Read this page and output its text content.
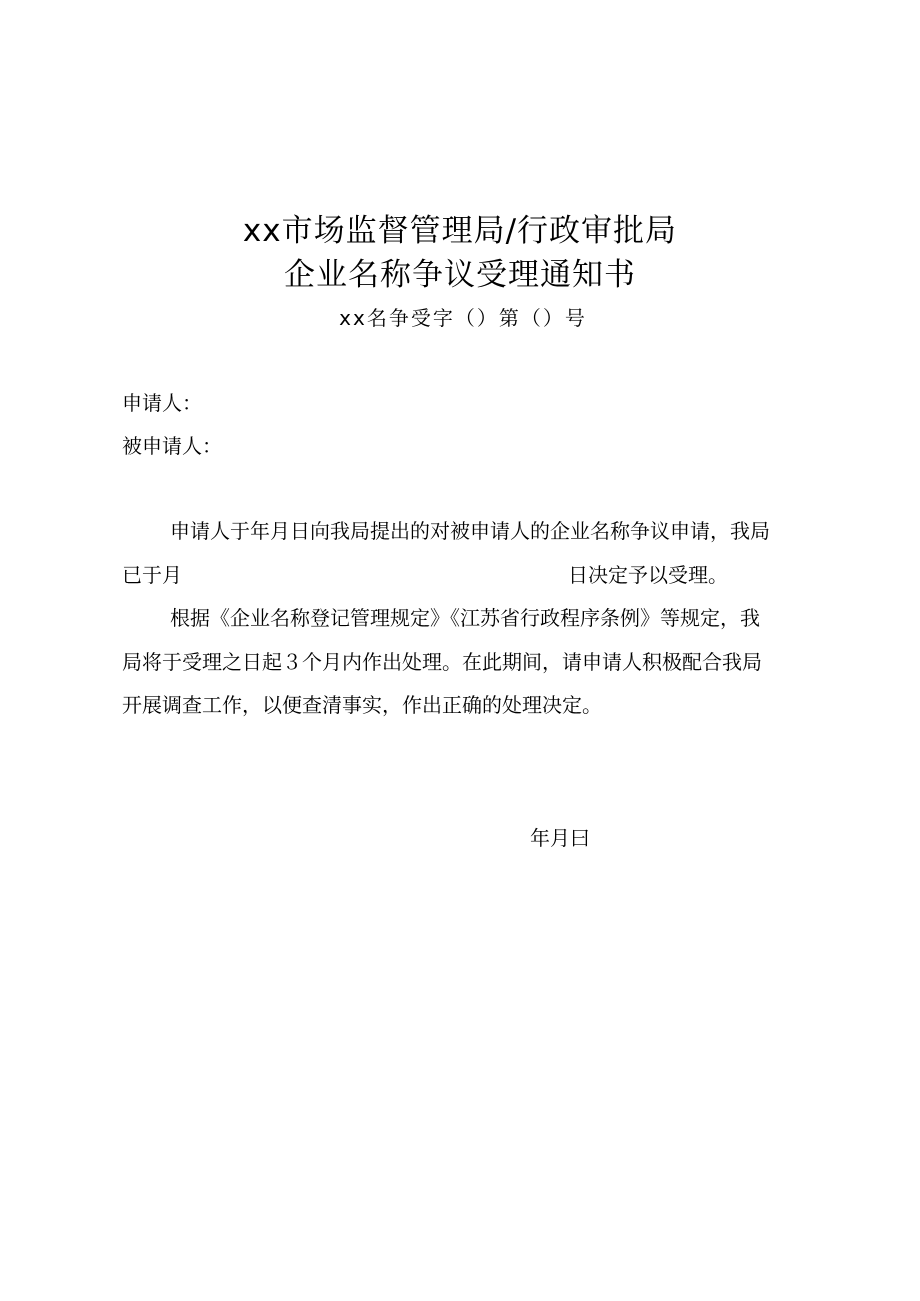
xx市场监督管理局/行政审批局
企业名称争议受理通知书
xx名争受字（）第（）号
申请人：
被申请人：
申请人于年月日向我局提出的对被申请人的企业名称争议申请，我局
已于月	日决定予以受理。
根据《企业名称登记管理规定》《江苏省行政程序条例》等规定，我
局将于受理之日起３个月内作出处理。在此期间，请申请人积极配合我局
开展调查工作，以便查清事实，作出正确的处理决定。
年月曰
